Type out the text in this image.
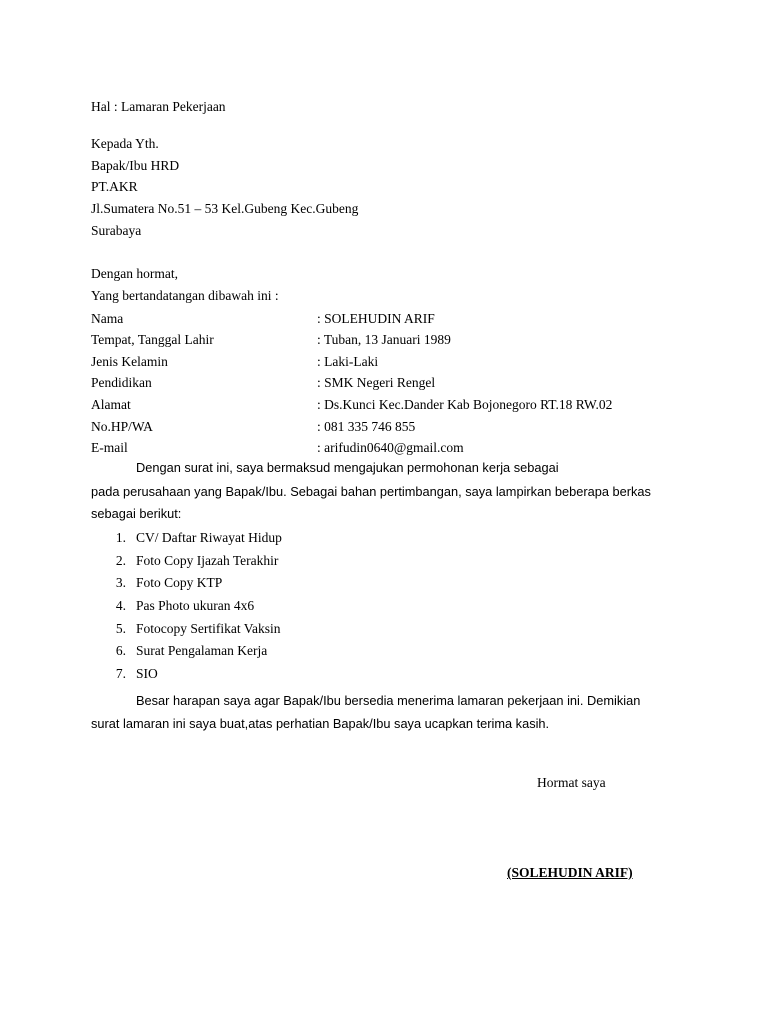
Hal : Lamaran Pekerjaan
Kepada Yth.
Bapak/Ibu HRD
PT.AKR
Jl.Sumatera No.51 – 53 Kel.Gubeng Kec.Gubeng
Surabaya
Dengan hormat,
Yang bertandatangan dibawah ini :
Nama	: SOLEHUDIN ARIF
Tempat, Tanggal Lahir	: Tuban, 13 Januari 1989
Jenis Kelamin	: Laki-Laki
Pendidikan	: SMK Negeri Rengel
Alamat	: Ds.Kunci Kec.Dander Kab Bojonegoro RT.18 RW.02
No.HP/WA	: 081 335 746 855
E-mail	: arifudin0640@gmail.com
Dengan surat ini, saya bermaksud mengajukan permohonan kerja sebagai
pada perusahaan yang Bapak/Ibu. Sebagai bahan pertimbangan, saya lampirkan beberapa berkas
sebagai berikut:
1. CV/ Daftar Riwayat Hidup
2. Foto Copy Ijazah Terakhir
3. Foto Copy KTP
4. Pas Photo ukuran 4x6
5. Fotocopy Sertifikat Vaksin
6. Surat Pengalaman Kerja
7. SIO
Besar harapan saya agar Bapak/Ibu bersedia menerima lamaran pekerjaan ini. Demikian
surat lamaran ini saya buat,atas perhatian Bapak/Ibu saya ucapkan terima kasih.
Hormat saya
(SOLEHUDIN ARIF)
